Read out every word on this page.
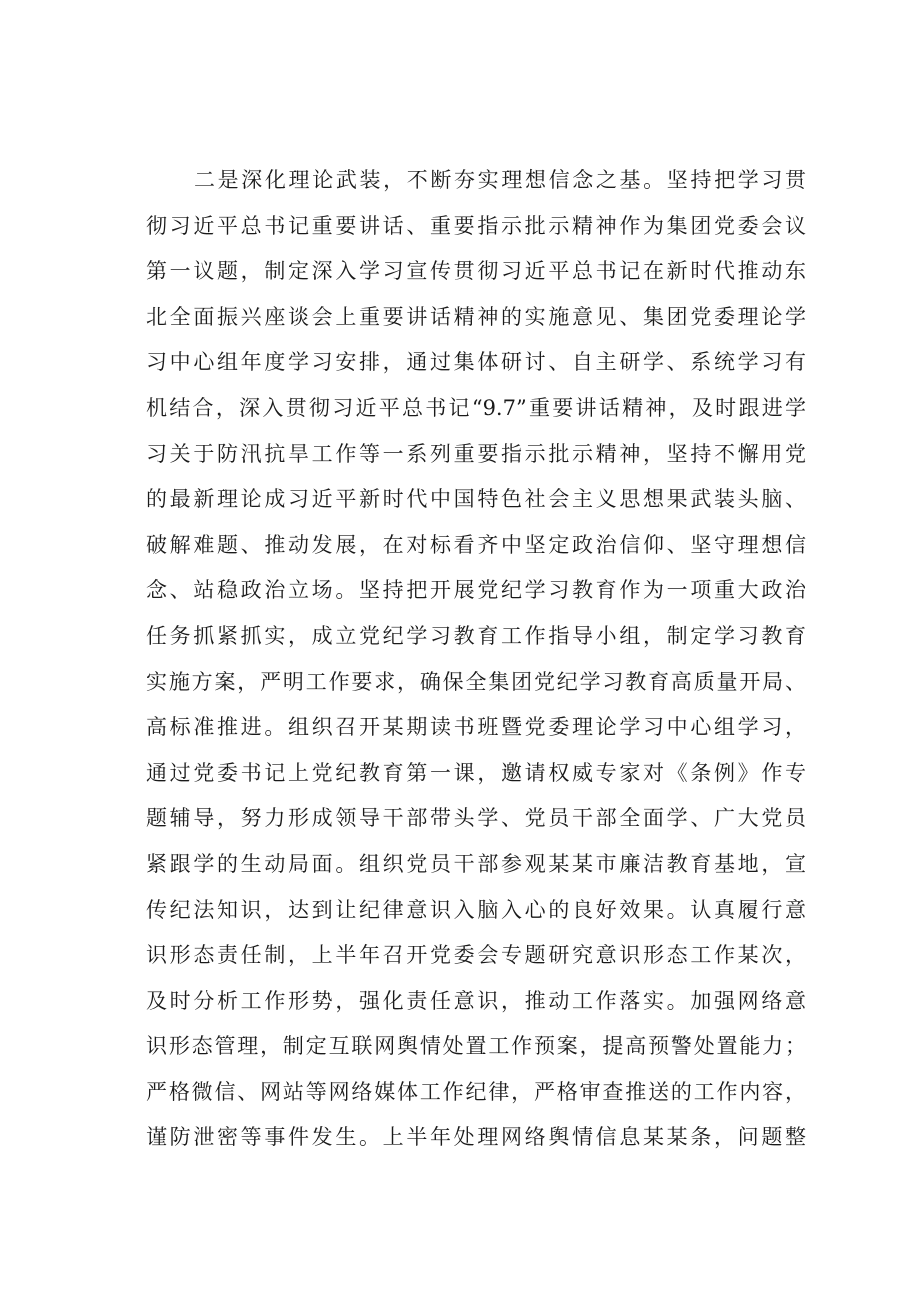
二是深化理论武装，不断夯实理想信念之基。坚持把学习贯
彻习近平总书记重要讲话、重要指示批示精神作为集团党委会议
第一议题，制定深入学习宣传贯彻习近平总书记在新时代推动东
北全面振兴座谈会上重要讲话精神的实施意见、集团党委理论学
习中心组年度学习安排，通过集体研讨、自主研学、系统学习有
机结合，深入贯彻习近平总书记“9.7”重要讲话精神，及时跟进学
习关于防汛抗旱工作等一系列重要指示批示精神，坚持不懈用党
的最新理论成习近平新时代中国特色社会主义思想果武装头脑、
破解难题、推动发展，在对标看齐中坚定政治信仰、坚守理想信
念、站稳政治立场。坚持把开展党纪学习教育作为一项重大政治
任务抓紧抓实，成立党纪学习教育工作指导小组，制定学习教育
实施方案，严明工作要求，确保全集团党纪学习教育高质量开局、
高标准推进。组织召开某期读书班暨党委理论学习中心组学习，
通过党委书记上党纪教育第一课，邀请权威专家对《条例》作专
题辅导，努力形成领导干部带头学、党员干部全面学、广大党员
紧跟学的生动局面。组织党员干部参观某某市廉洁教育基地，宣
传纪法知识，达到让纪律意识入脑入心的良好效果。认真履行意
识形态责任制，上半年召开党委会专题研究意识形态工作某次，
及时分析工作形势，强化责任意识，推动工作落实。加强网络意
识形态管理，制定互联网舆情处置工作预案，提高预警处置能力；
严格微信、网站等网络媒体工作纪律，严格审查推送的工作内容，
谨防泄密等事件发生。上半年处理网络舆情信息某某条，问题整
